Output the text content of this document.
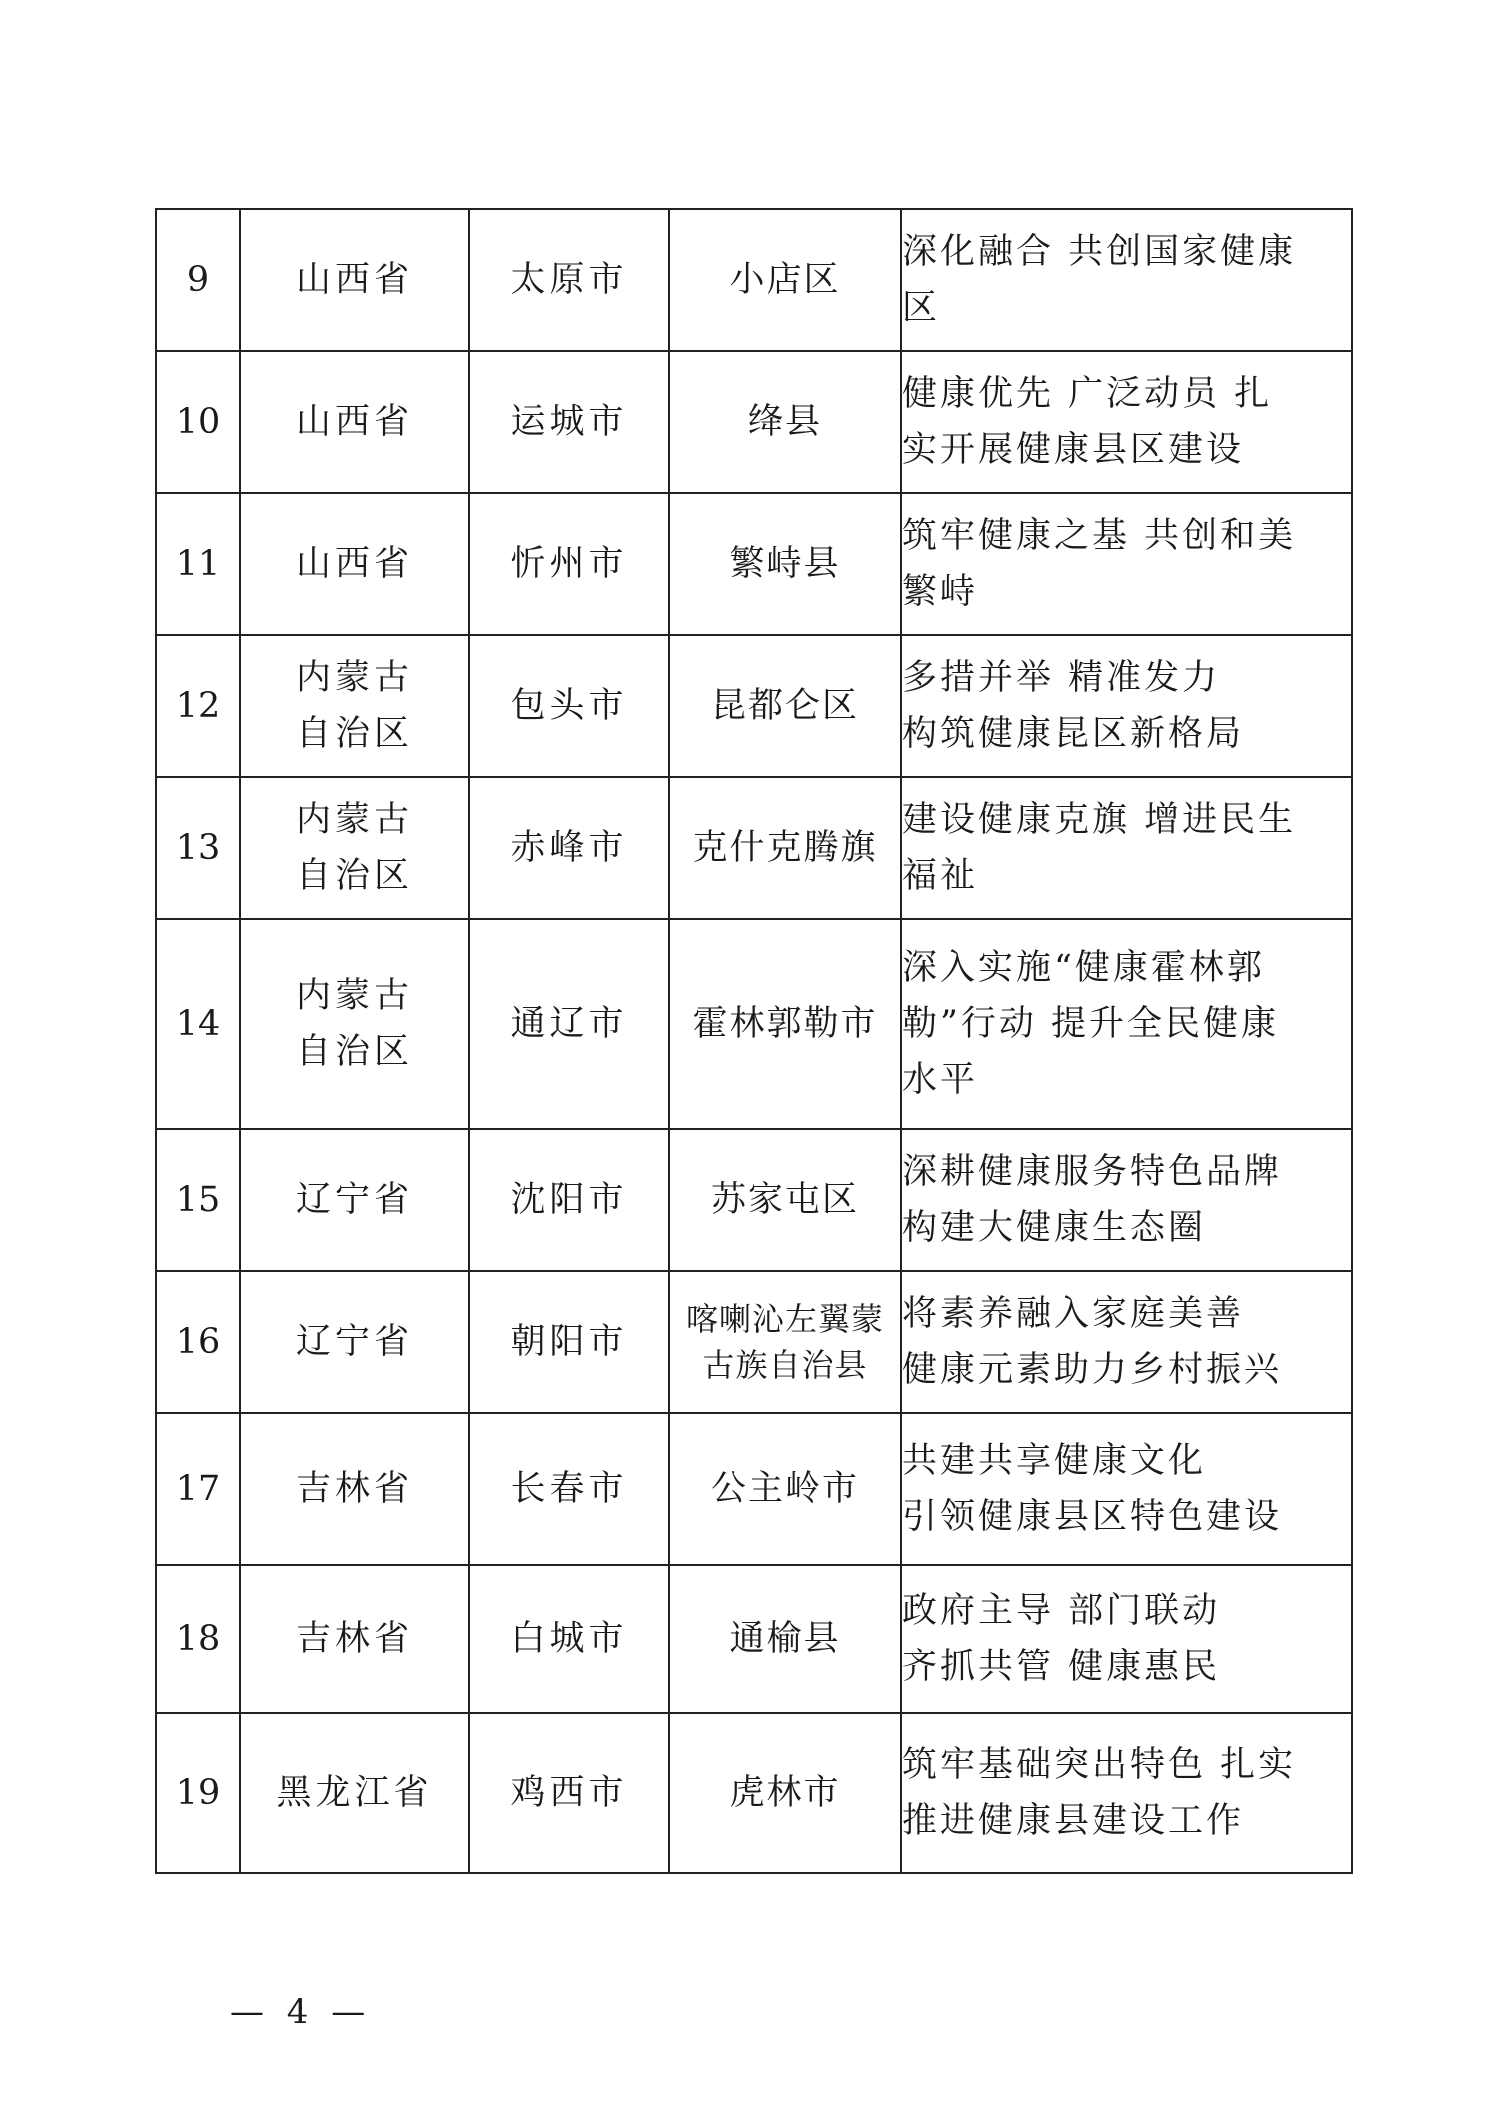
9	山西省	太原市	小店区	深化融合 共创国家健康
区

10	山西省	运城市	绛县	健康优先 广泛动员 扎
实开展健康县区建设

11	山西省	忻州市	繁峙县	筑牢健康之基 共创和美
繁峙

12	内蒙古
自治区	包头市	昆都仑区	多措并举 精准发力
构筑健康昆区新格局

13	内蒙古
自治区	赤峰市	克什克腾旗	建设健康克旗 增进民生
福祉

14	内蒙古
自治区	通辽市	霍林郭勒市	深入实施“健康霍林郭
勒”行动 提升全民健康
水平

15	辽宁省	沈阳市	苏家屯区	深耕健康服务特色品牌
构建大健康生态圈

16	辽宁省	朝阳市	喀喇沁左翼蒙
古族自治县	将素养融入家庭美善
健康元素助力乡村振兴

17	吉林省	长春市	公主岭市	共建共享健康文化
引领健康县区特色建设

18	吉林省	白城市	通榆县	政府主导 部门联动
齐抓共管 健康惠民

19	黑龙江省	鸡西市	虎林市	筑牢基础突出特色 扎实
推进健康县建设工作
— 4 —
